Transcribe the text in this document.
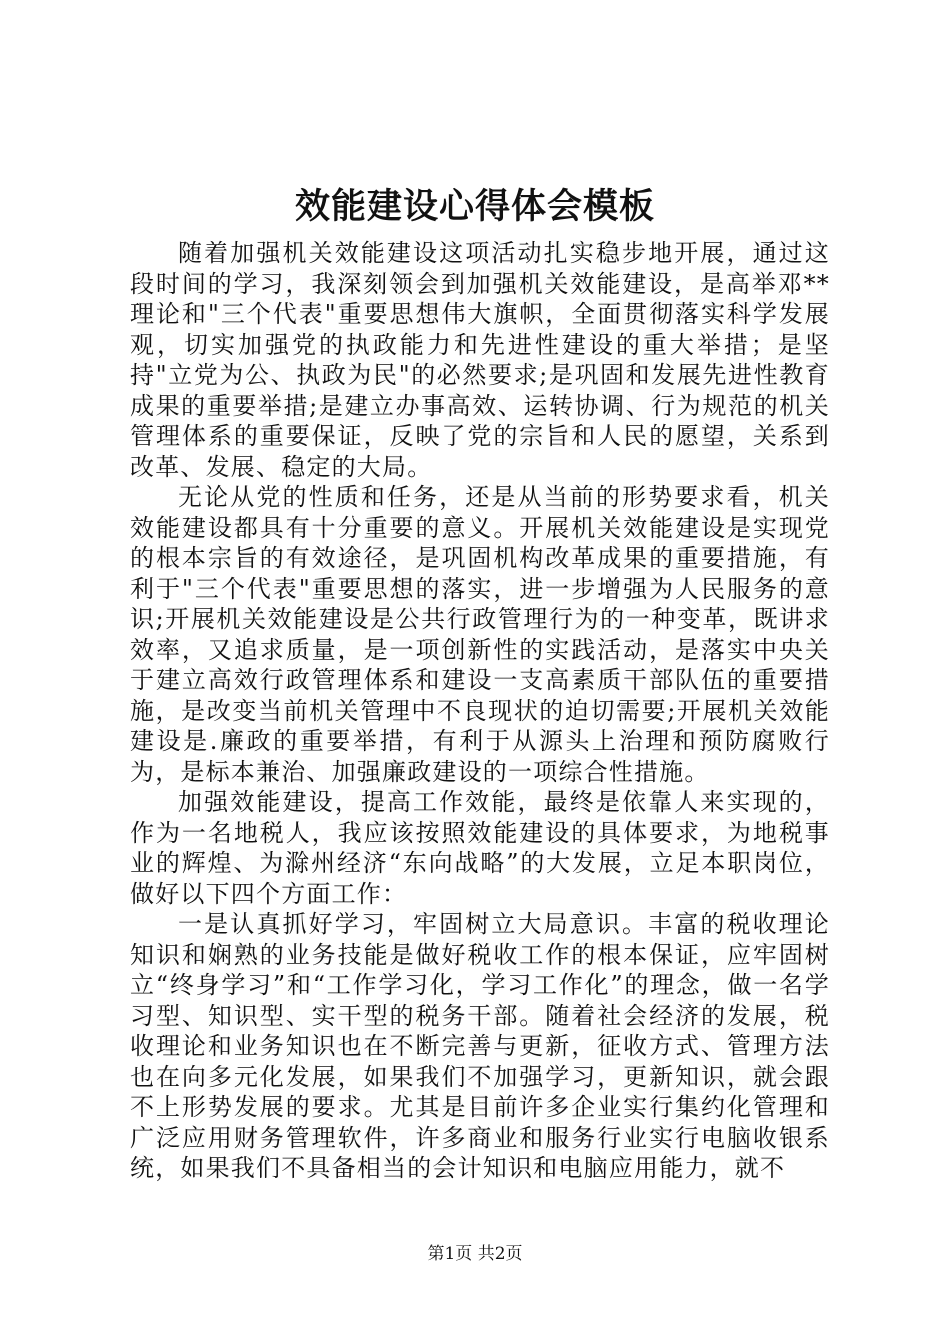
效能建设心得体会模板

随着加强机关效能建设这项活动扎实稳步地开展，通过这段时间的学习，我深刻领会到加强机关效能建设，是高举邓**理论和"三个代表"重要思想伟大旗帜，全面贯彻落实科学发展观，切实加强党的执政能力和先进性建设的重大举措；是坚持"立党为公、执政为民"的必然要求;是巩固和发展先进性教育成果的重要举措;是建立办事高效、运转协调、行为规范的机关管理体系的重要保证，反映了党的宗旨和人民的愿望，关系到改革、发展、稳定的大局。

无论从党的性质和任务，还是从当前的形势要求看，机关效能建设都具有十分重要的意义。开展机关效能建设是实现党的根本宗旨的有效途径，是巩固机构改革成果的重要措施，有利于"三个代表"重要思想的落实，进一步增强为人民服务的意识;开展机关效能建设是公共行政管理行为的一种变革，既讲求效率，又追求质量，是一项创新性的实践活动，是落实中央关于建立高效行政管理体系和建设一支高素质干部队伍的重要措施，是改变当前机关管理中不良现状的迫切需要;开展机关效能建设是.廉政的重要举措，有利于从源头上治理和预防腐败行为，是标本兼治、加强廉政建设的一项综合性措施。

加强效能建设，提高工作效能，最终是依靠人来实现的，作为一名地税人，我应该按照效能建设的具体要求，为地税事业的辉煌、为滁州经济“东向战略”的大发展，立足本职岗位，做好以下四个方面工作：

一是认真抓好学习，牢固树立大局意识。丰富的税收理论知识和娴熟的业务技能是做好税收工作的根本保证，应牢固树立“终身学习”和“工作学习化，学习工作化”的理念，做一名学习型、知识型、实干型的税务干部。随着社会经济的发展，税收理论和业务知识也在不断完善与更新，征收方式、管理方法也在向多元化发展，如果我们不加强学习，更新知识，就会跟不上形势发展的要求。尤其是目前许多企业实行集约化管理和广泛应用财务管理软件，许多商业和服务行业实行电脑收银系统，如果我们不具备相当的会计知识和电脑应用能力，就不

第1页 共2页
